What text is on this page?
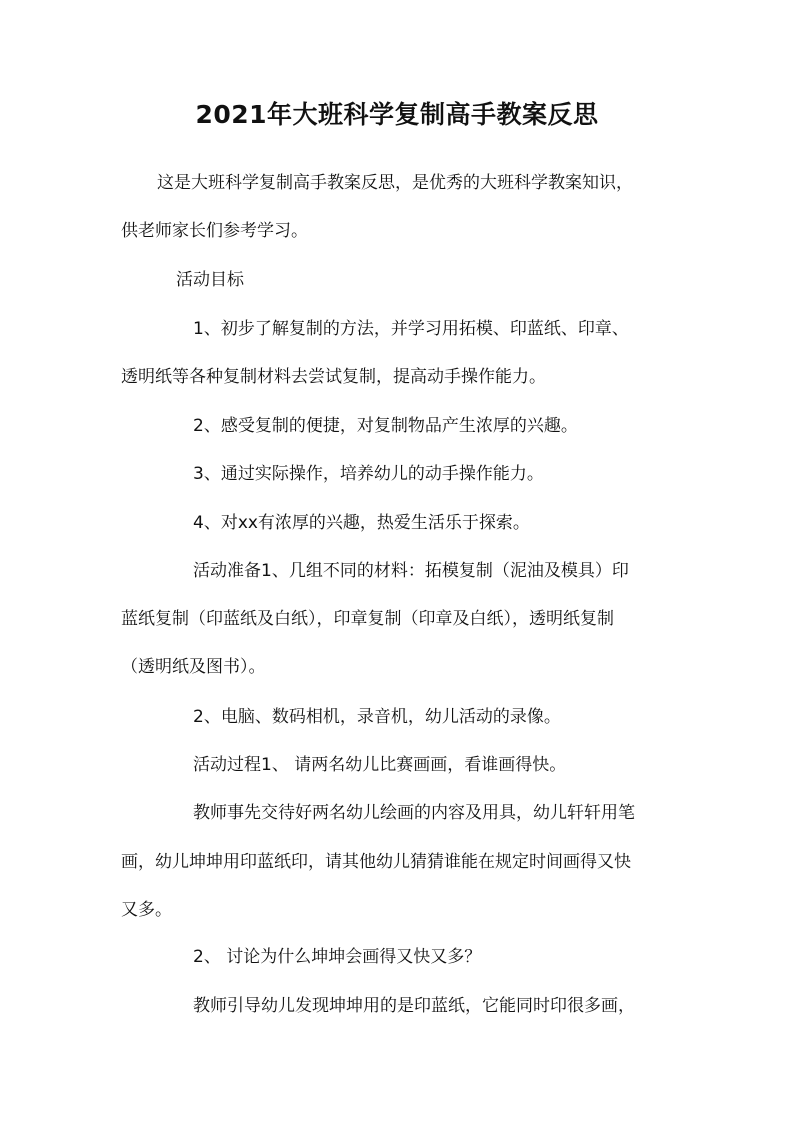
2021年大班科学复制高手教案反思
这是大班科学复制高手教案反思，是优秀的大班科学教案知识，
供老师家长们参考学习。
活动目标
1、初步了解复制的方法，并学习用拓模、印蓝纸、印章、
透明纸等各种复制材料去尝试复制，提高动手操作能力。
2、感受复制的便捷，对复制物品产生浓厚的兴趣。
3、通过实际操作，培养幼儿的动手操作能力。
4、对xx有浓厚的兴趣，热爱生活乐于探索。
活动准备1、几组不同的材料：拓模复制（泥油及模具）印
蓝纸复制（印蓝纸及白纸），印章复制（印章及白纸），透明纸复制
（透明纸及图书）。
2、电脑、数码相机，录音机，幼儿活动的录像。
活动过程1、 请两名幼儿比赛画画，看谁画得快。
教师事先交待好两名幼儿绘画的内容及用具，幼儿轩轩用笔
画，幼儿坤坤用印蓝纸印，请其他幼儿猜猜谁能在规定时间画得又快
又多。
2、 讨论为什么坤坤会画得又快又多？
教师引导幼儿发现坤坤用的是印蓝纸，它能同时印很多画，
